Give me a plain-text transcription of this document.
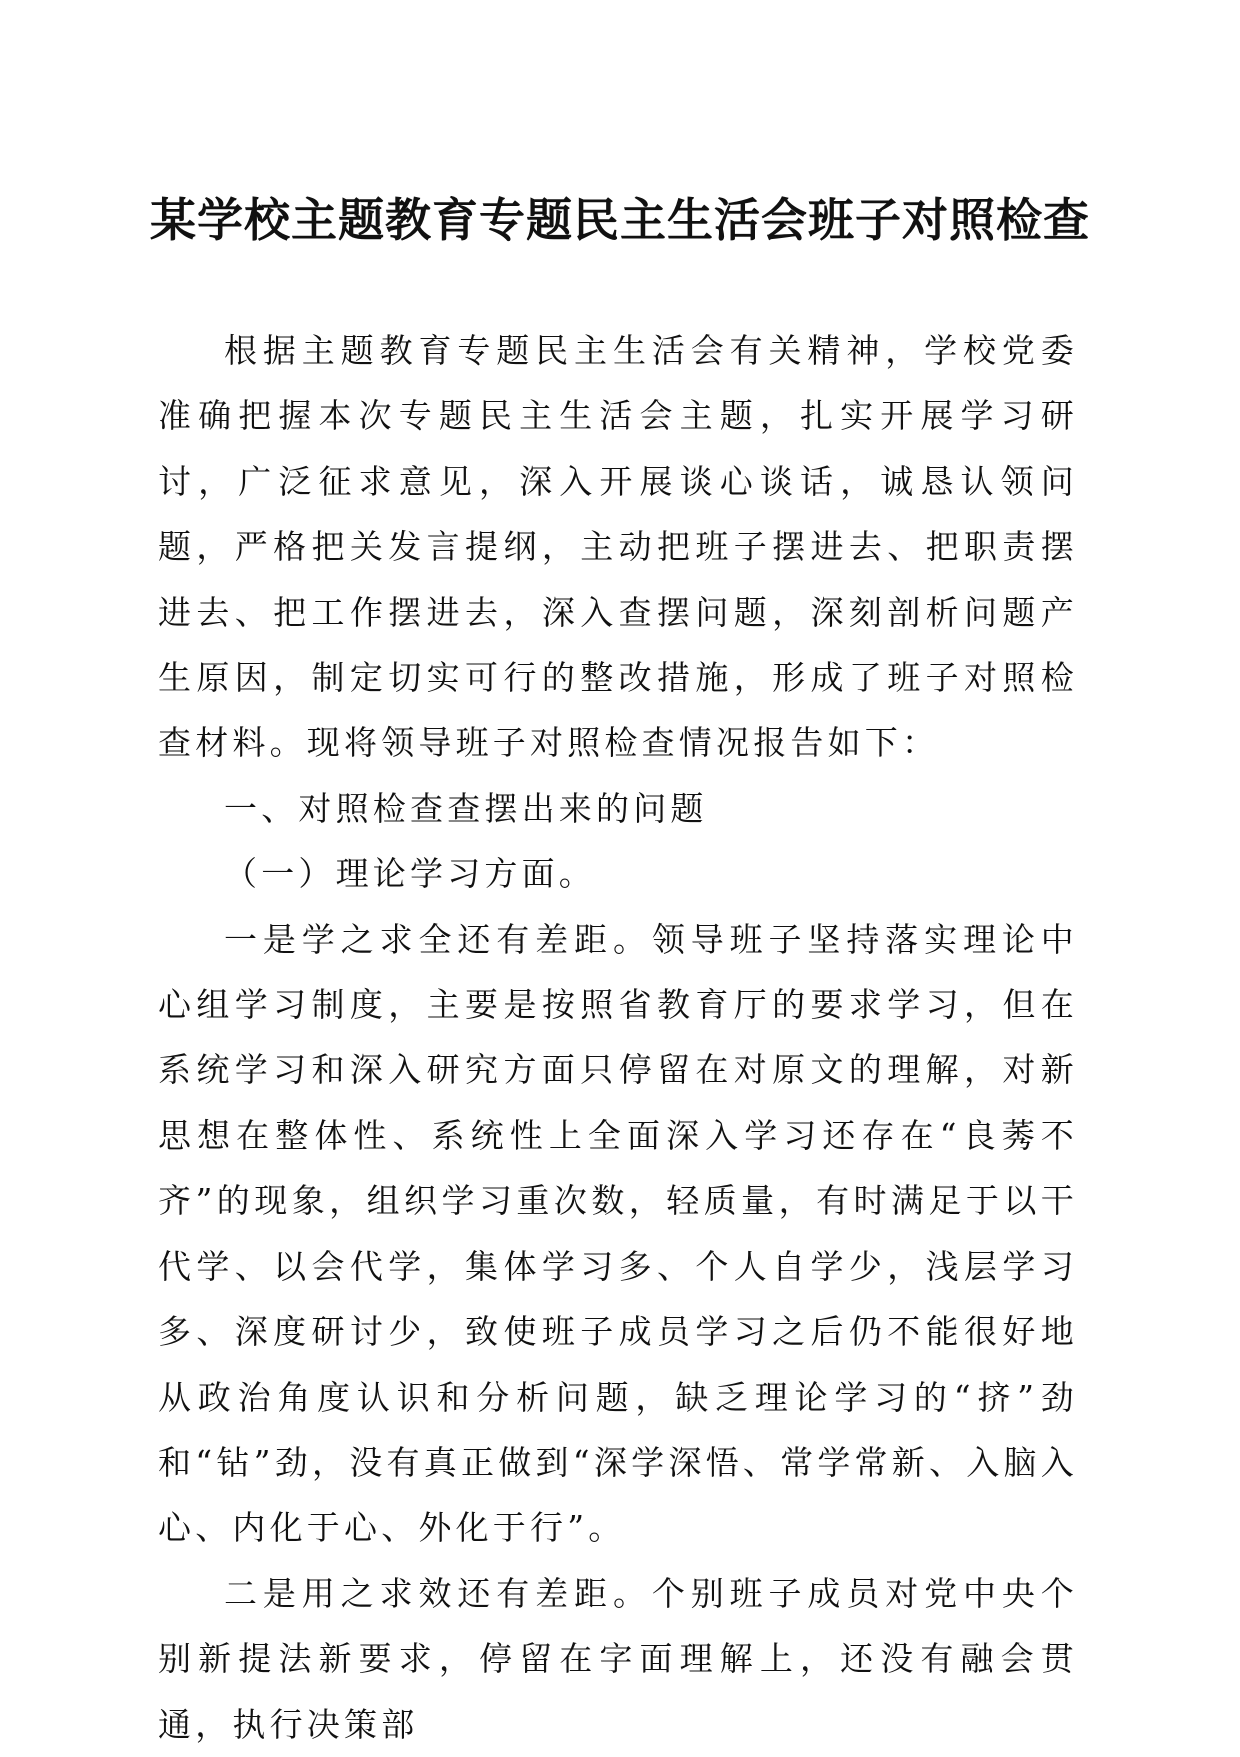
某学校主题教育专题民主生活会班子对照检查

根据主题教育专题民主生活会有关精神，学校党委准确把握本次专题民主生活会主题，扎实开展学习研讨，广泛征求意见，深入开展谈心谈话，诚恳认领问题，严格把关发言提纲，主动把班子摆进去、把职责摆进去、把工作摆进去，深入查摆问题，深刻剖析问题产生原因，制定切实可行的整改措施，形成了班子对照检查材料。现将领导班子对照检查情况报告如下：

一、对照检查查摆出来的问题

（一）理论学习方面。

一是学之求全还有差距。领导班子坚持落实理论中心组学习制度，主要是按照省教育厅的要求学习，但在系统学习和深入研究方面只停留在对原文的理解，对新思想在整体性、系统性上全面深入学习还存在“良莠不齐”的现象，组织学习重次数，轻质量，有时满足于以干代学、以会代学，集体学习多、个人自学少，浅层学习多、深度研讨少，致使班子成员学习之后仍不能很好地从政治角度认识和分析问题，缺乏理论学习的“挤”劲和“钻”劲，没有真正做到“深学深悟、常学常新、入脑入心、内化于心、外化于行”。

二是用之求效还有差距。个别班子成员对党中央个别新提法新要求，停留在字面理解上，还没有融会贯通，执行决策部
